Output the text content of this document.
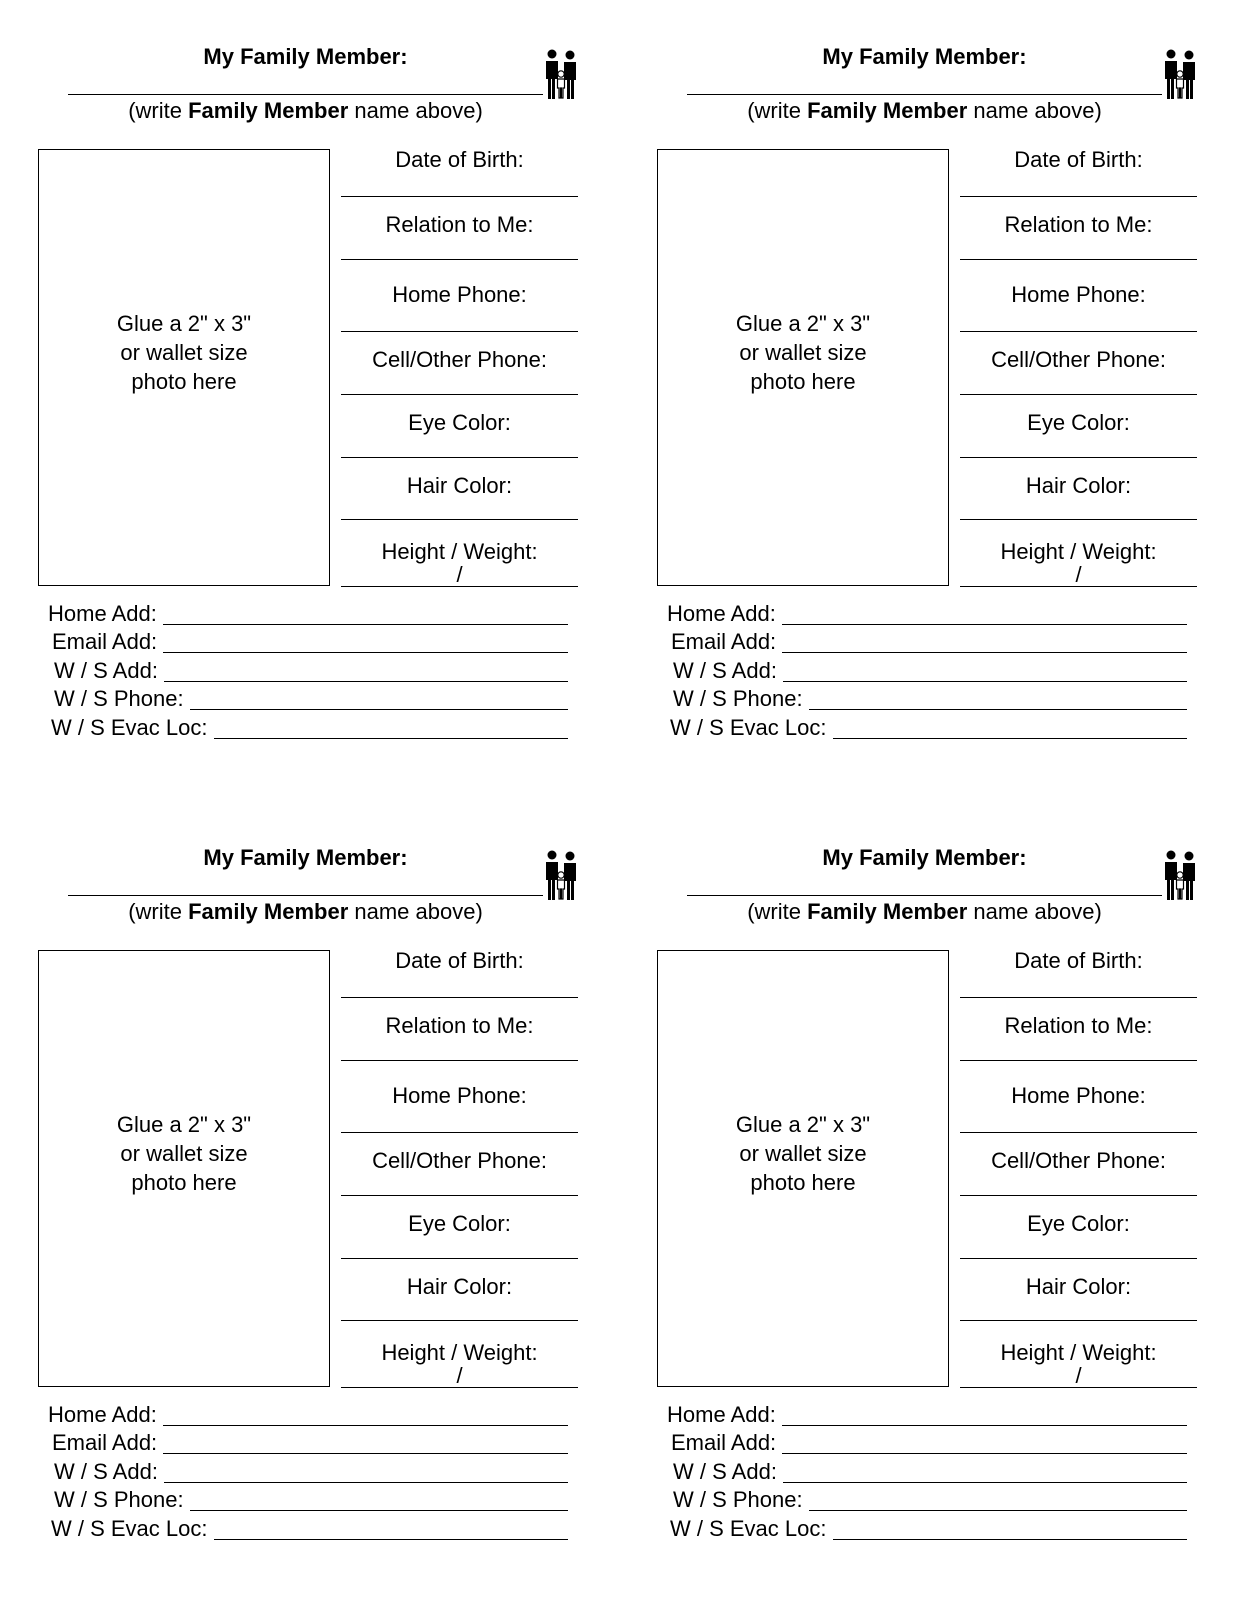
My Family Member:
(write Family Member name above)
Glue a 2" x 3"
or wallet size
photo here
Date of Birth:
Relation to Me:
Home Phone:
Cell/Other Phone:
Eye Color:
Hair Color:
Height / Weight:
/
Home Add:
Email Add:
W / S Add:
W / S Phone:
W / S Evac Loc:
My Family Member:
(write Family Member name above)
Glue a 2" x 3"
or wallet size
photo here
Date of Birth:
Relation to Me:
Home Phone:
Cell/Other Phone:
Eye Color:
Hair Color:
Height / Weight:
/
Home Add:
Email Add:
W / S Add:
W / S Phone:
W / S Evac Loc:
My Family Member:
(write Family Member name above)
Glue a 2" x 3"
or wallet size
photo here
Date of Birth:
Relation to Me:
Home Phone:
Cell/Other Phone:
Eye Color:
Hair Color:
Height / Weight:
/
Home Add:
Email Add:
W / S Add:
W / S Phone:
W / S Evac Loc:
My Family Member:
(write Family Member name above)
Glue a 2" x 3"
or wallet size
photo here
Date of Birth:
Relation to Me:
Home Phone:
Cell/Other Phone:
Eye Color:
Hair Color:
Height / Weight:
/
Home Add:
Email Add:
W / S Add:
W / S Phone:
W / S Evac Loc:
